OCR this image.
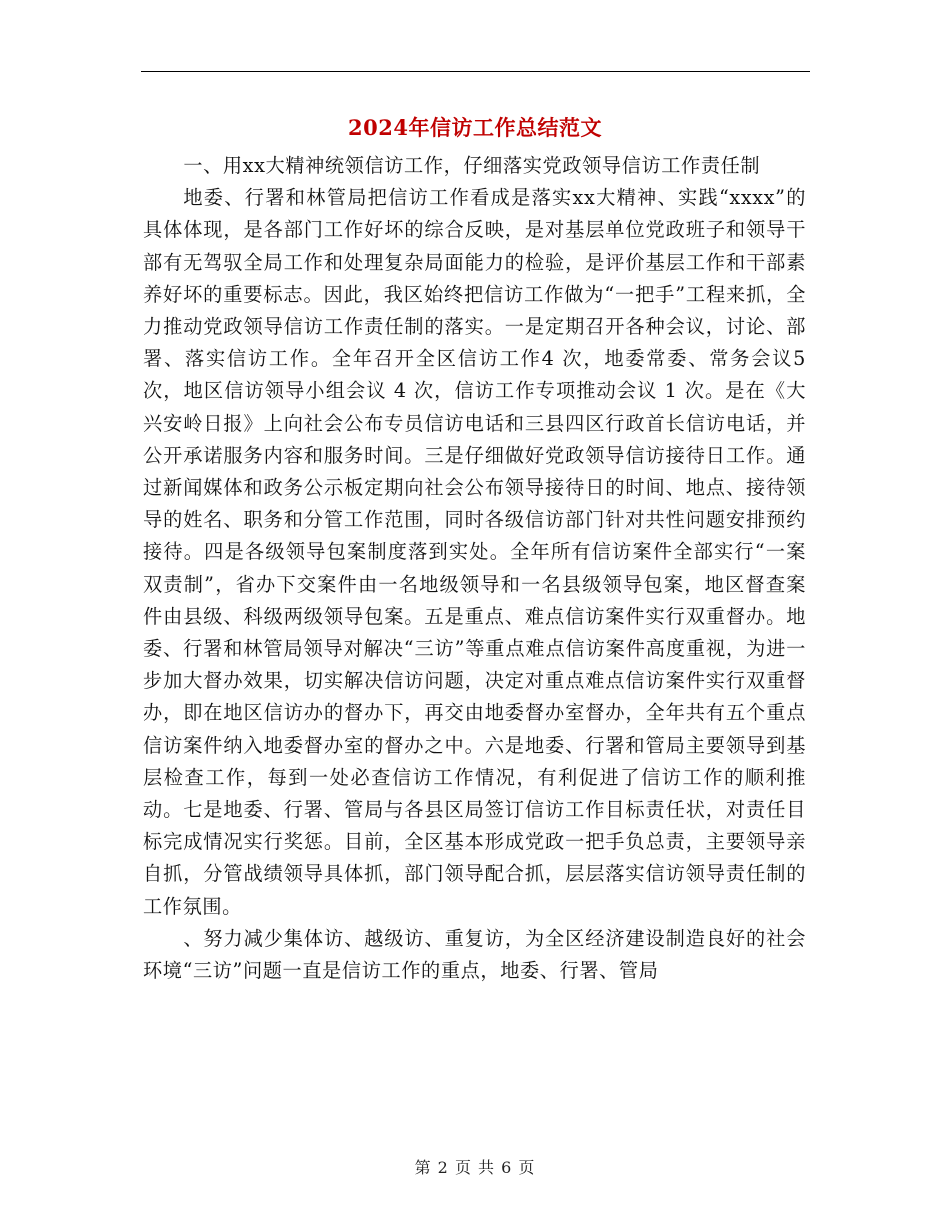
2024年信访工作总结范文

一、用xx大精神统领信访工作，仔细落实党政领导信访工作责任制

地委、行署和林管局把信访工作看成是落实xx大精神、实践“xxxx”的具体体现，是各部门工作好坏的综合反映，是对基层单位党政班子和领导干部有无驾驭全局工作和处理复杂局面能力的检验，是评价基层工作和干部素养好坏的重要标志。因此，我区始终把信访工作做为“一把手”工程来抓，全力推动党政领导信访工作责任制的落实。一是定期召开各种会议，讨论、部署、落实信访工作。全年召开全区信访工作4 次，地委常委、常务会议5次，地区信访领导小组会议 4 次，信访工作专项推动会议 1 次。是在《大兴安岭日报》上向社会公布专员信访电话和三县四区行政首长信访电话，并公开承诺服务内容和服务时间。三是仔细做好党政领导信访接待日工作。通过新闻媒体和政务公示板定期向社会公布领导接待日的时间、地点、接待领导的姓名、职务和分管工作范围，同时各级信访部门针对共性问题安排预约接待。四是各级领导包案制度落到实处。全年所有信访案件全部实行“一案双责制”，省办下交案件由一名地级领导和一名县级领导包案，地区督查案件由县级、科级两级领导包案。五是重点、难点信访案件实行双重督办。地委、行署和林管局领导对解决“三访”等重点难点信访案件高度重视，为进一步加大督办效果，切实解决信访问题，决定对重点难点信访案件实行双重督办，即在地区信访办的督办下，再交由地委督办室督办，全年共有五个重点信访案件纳入地委督办室的督办之中。六是地委、行署和管局主要领导到基层检查工作，每到一处必查信访工作情况，有利促进了信访工作的顺利推动。七是地委、行署、管局与各县区局签订信访工作目标责任状，对责任目标完成情况实行奖惩。目前，全区基本形成党政一把手负总责，主要领导亲自抓，分管战绩领导具体抓，部门领导配合抓，层层落实信访领导责任制的工作氛围。

、努力减少集体访、越级访、重复访，为全区经济建设制造良好的社会环境“三访”问题一直是信访工作的重点，地委、行署、管局

第 2 页 共 6 页
